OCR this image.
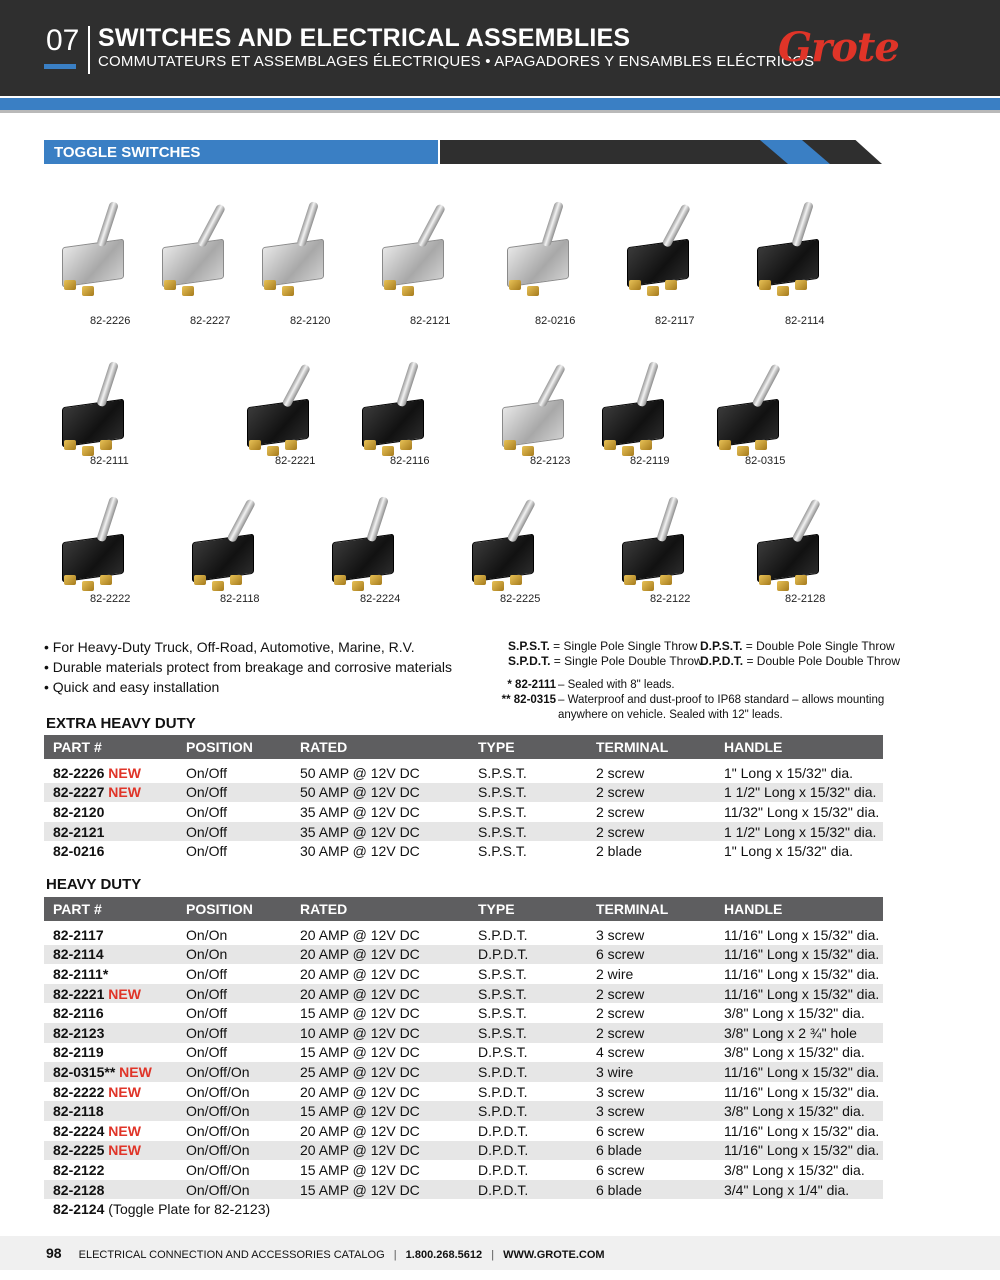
07 SWITCHES AND ELECTRICAL ASSEMBLIES
COMMUTATEURS ET ASSEMBLAGES ÉLECTRIQUES • APAGADORES Y ENSAMBLES ELÉCTRICOS
Grote
TOGGLE SWITCHES
82-2226	82-2227	82-2120	82-2121	82-0216	82-2117	82-2114
82-2111	82-2221	82-2116	82-2123	82-2119	82-0315
82-2222	82-2118	82-2224	82-2225	82-2122	82-2128
• For Heavy-Duty Truck, Off-Road, Automotive, Marine, R.V.
• Durable materials protect from breakage and corrosive materials
• Quick and easy installation
S.P.S.T. = Single Pole Single Throw D.P.S.T. = Double Pole Single Throw
S.P.D.T. = Single Pole Double Throw
D.P.D.T. = Double Pole Double Throw
* 82-2111 – Sealed with 8" leads.
** 82-0315 – Waterproof and dust-proof to IP68 standard – allows mounting
anywhere on vehicle. Sealed with 12" leads.
EXTRA HEAVY DUTY
PART #	POSITION	RATED	TYPE	TERMINAL	HANDLE
82-2226 NEW	On/Off	50 AMP @ 12V DC	S.P.S.T.	2 screw	1" Long x 15/32" dia.
82-2227 NEW	On/Off	50 AMP @ 12V DC	S.P.S.T.	2 screw	1 1/2" Long x 15/32" dia.
82-2120	On/Off	35 AMP @ 12V DC	S.P.S.T.	2 screw	11/32" Long x 15/32" dia.
82-2121	On/Off	35 AMP @ 12V DC	S.P.S.T.	2 screw	1 1/2" Long x 15/32" dia.
82-0216	On/Off	30 AMP @ 12V DC	S.P.S.T.	2 blade	1" Long x 15/32" dia.
HEAVY DUTY
PART #	POSITION	RATED	TYPE	TERMINAL	HANDLE
82-2117	On/On	20 AMP @ 12V DC	S.P.D.T.	3 screw	11/16" Long x 15/32" dia.
82-2114	On/On	20 AMP @ 12V DC	D.P.D.T.	6 screw	11/16" Long x 15/32" dia.
82-2111*	On/Off	20 AMP @ 12V DC	S.P.S.T.	2 wire	11/16" Long x 15/32" dia.
82-2221 NEW	On/Off	20 AMP @ 12V DC	S.P.S.T.	2 screw	11/16" Long x 15/32" dia.
82-2116	On/Off	15 AMP @ 12V DC	S.P.S.T.	2 screw	3/8" Long x 15/32" dia.
82-2123	On/Off	10 AMP @ 12V DC	S.P.S.T.	2 screw	3/8" Long x 2 ¾" hole
82-2119	On/Off	15 AMP @ 12V DC	D.P.S.T.	4 screw	3/8" Long x 15/32" dia.
82-0315** NEW	On/Off/On	25 AMP @ 12V DC	S.P.D.T.	3 wire	11/16" Long x 15/32" dia.
82-2222 NEW	On/Off/On	20 AMP @ 12V DC	S.P.D.T.	3 screw	11/16" Long x 15/32" dia.
82-2118	On/Off/On	15 AMP @ 12V DC	S.P.D.T.	3 screw	3/8" Long x 15/32" dia.
82-2224 NEW	On/Off/On	20 AMP @ 12V DC	D.P.D.T.	6 screw	11/16" Long x 15/32" dia.
82-2225 NEW	On/Off/On	20 AMP @ 12V DC	D.P.D.T.	6 blade	11/16" Long x 15/32" dia.
82-2122	On/Off/On	15 AMP @ 12V DC	D.P.D.T.	6 screw	3/8" Long x 15/32" dia.
82-2128	On/Off/On	15 AMP @ 12V DC	D.P.D.T.	6 blade	3/4" Long x 1/4" dia.
82-2124 (Toggle Plate for 82-2123)
98 ELECTRICAL CONNECTION AND ACCESSORIES CATALOG | 1.800.268.5612 | WWW.GROTE.COM
